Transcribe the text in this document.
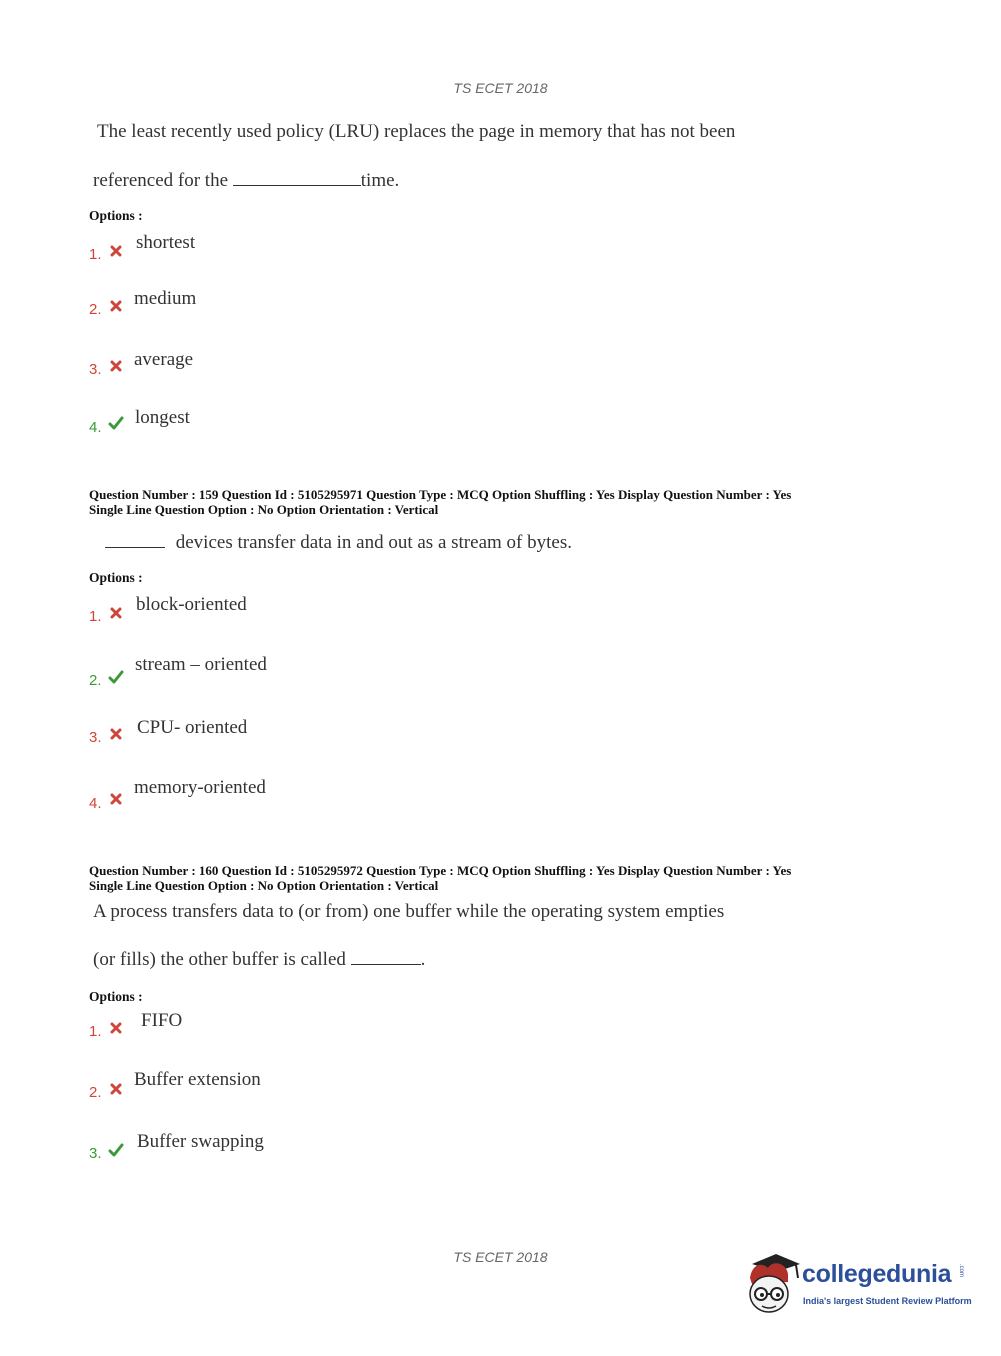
TS ECET 2018
The least recently used policy (LRU) replaces the page in memory that has not been
referenced for the	time.
Options :
1.
shortest
2.
medium
3. average
4. longest
Question Number : 159 Question Id : 5105295971 Question Type : MCQ Option Shuffling : Yes Display Question Number : Yes
Single Line Question Option : No Option Orientation : Vertical
devices transfer data in and out as a stream of bytes.
Options :
1.
block-oriented
2.
stream – oriented
3. CPU- oriented
4.
memory-oriented
Question Number : 160 Question Id : 5105295972 Question Type : MCQ Option Shuffling : Yes Display Question Number : Yes
Single Line Question Option : No Option Orientation : Vertical
A process transfers data to (or from) one buffer while the operating system empties
(or fills) the other buffer is called	.
Options :
1.
FIFO
2.
Buffer extension
3.
Buffer swapping
TS ECET 2018
collegedunia .com
India's largest Student Review Platform
